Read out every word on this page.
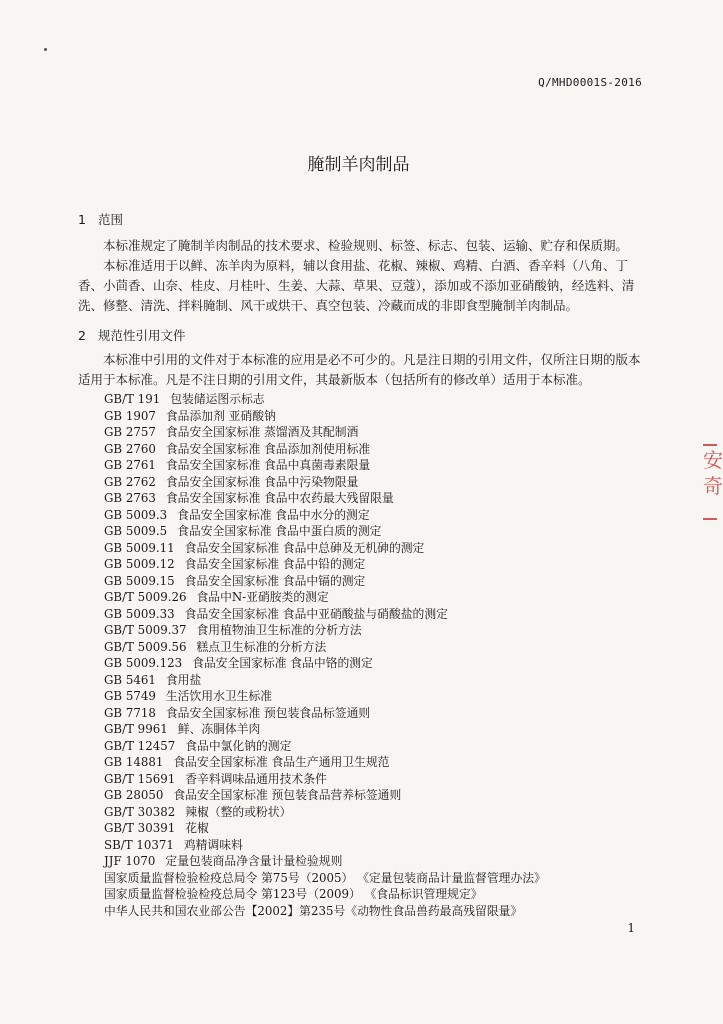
Q/MHD0001S-2016
腌制羊肉制品
1 范围
本标准规定了腌制羊肉制品的技术要求、检验规则、标签、标志、包装、运输、贮存和保质期。
本标准适用于以鲜、冻羊肉为原料，辅以食用盐、花椒、辣椒、鸡精、白酒、香辛料（八角、丁香、小茴香、山奈、桂皮、月桂叶、生姜、大蒜、草果、豆蔻），添加或不添加亚硝酸钠，经选料、清洗、修整、清洗、拌料腌制、风干或烘干、真空包装、冷藏而成的非即食型腌制羊肉制品。
2 规范性引用文件
本标准中引用的文件对于本标准的应用是必不可少的。凡是注日期的引用文件，仅所注日期的版本适用于本标准。凡是不注日期的引用文件，其最新版本（包括所有的修改单）适用于本标准。
GB/T 191 包装储运图示标志
GB 1907 食品添加剂 亚硝酸钠
GB 2757 食品安全国家标准 蒸馏酒及其配制酒
GB 2760 食品安全国家标准 食品添加剂使用标准
GB 2761 食品安全国家标准 食品中真菌毒素限量
GB 2762 食品安全国家标准 食品中污染物限量
GB 2763 食品安全国家标准 食品中农药最大残留限量
GB 5009.3 食品安全国家标准 食品中水分的测定
GB 5009.5 食品安全国家标准 食品中蛋白质的测定
GB 5009.11 食品安全国家标准 食品中总砷及无机砷的测定
GB 5009.12 食品安全国家标准 食品中铅的测定
GB 5009.15 食品安全国家标准 食品中镉的测定
GB/T 5009.26 食品中N-亚硝胺类的测定
GB 5009.33 食品安全国家标准 食品中亚硝酸盐与硝酸盐的测定
GB/T 5009.37 食用植物油卫生标准的分析方法
GB/T 5009.56 糕点卫生标准的分析方法
GB 5009.123 食品安全国家标准 食品中铬的测定
GB 5461 食用盐
GB 5749 生活饮用水卫生标准
GB 7718 食品安全国家标准 预包装食品标签通则
GB/T 9961 鲜、冻胴体羊肉
GB/T 12457 食品中氯化钠的测定
GB 14881 食品安全国家标准 食品生产通用卫生规范
GB/T 15691 香辛料调味品通用技术条件
GB 28050 食品安全国家标准 预包装食品营养标签通则
GB/T 30382 辣椒（整的或粉状）
GB/T 30391 花椒
SB/T 10371 鸡精调味料
JJF 1070 定量包装商品净含量计量检验规则
国家质量监督检验检疫总局令 第75号（2005） 《定量包装商品计量监督管理办法》
国家质量监督检验检疫总局令 第123号（2009） 《食品标识管理规定》
中华人民共和国农业部公告【2002】第235号《动物性食品兽药最高残留限量》
1
安
奇
